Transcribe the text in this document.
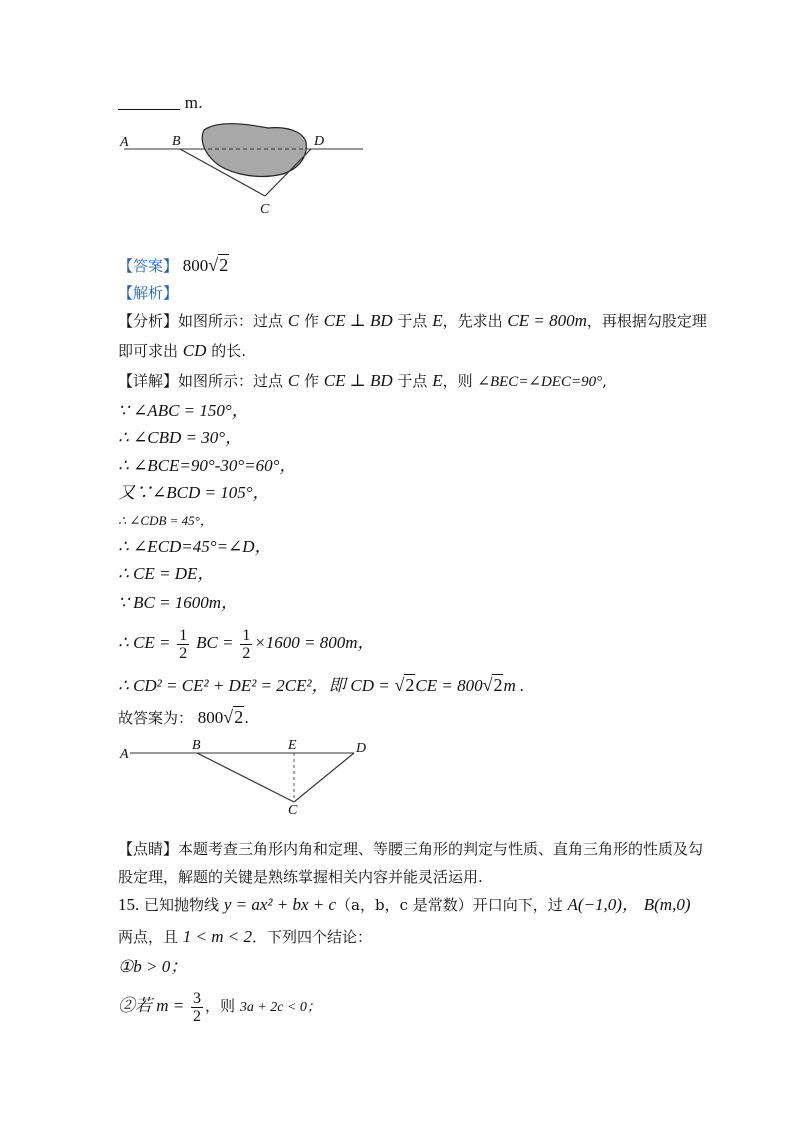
m.
A	B
C
D
【答案】 800√2
【解析】
【分析】如图所示：过点 C 作 CE ⊥ BD 于点 E，先求出 CE = 800m，再根据勾股定理
即可求出 CD 的长.
【详解】如图所示：过点 C 作 CE ⊥ BD 于点 E，则 ∠BEC=∠DEC=90°,
∵ ∠ABC = 150°，
∴ ∠CBD = 30°，
∴ ∠BCE=90°-30°=60°，
又∵∠BCD = 105°，
∴ ∠CDB = 45°，
∴ ∠ECD=45°=∠D，
∴ CE = DE，
∵ BC = 1600m，
∴ CE = $\frac{1}{2}$ BC = $\frac{1}{2} \times 1600 = 800m$，
∴ CD² = CE² + DE² = 2CE²，即 CD = √2CE = 800√2m .
故答案为： 800√2.
A
B	E	D
C
【点睛】本题考查三角形内角和定理、等腰三角形的判定与性质、直角三角形的性质及勾
股定理，解题的关键是熟练掌握相关内容并能灵活运用.
15. 已知抛物线 y = ax² + bx + c（a，b，c 是常数）开口向下，过 A(−1,0)， B(m,0)
两点，且 1 < m < 2．下列四个结论：
①b > 0；
②若 $m = \frac{3}{2}$ ，则 3a + 2c < 0；
